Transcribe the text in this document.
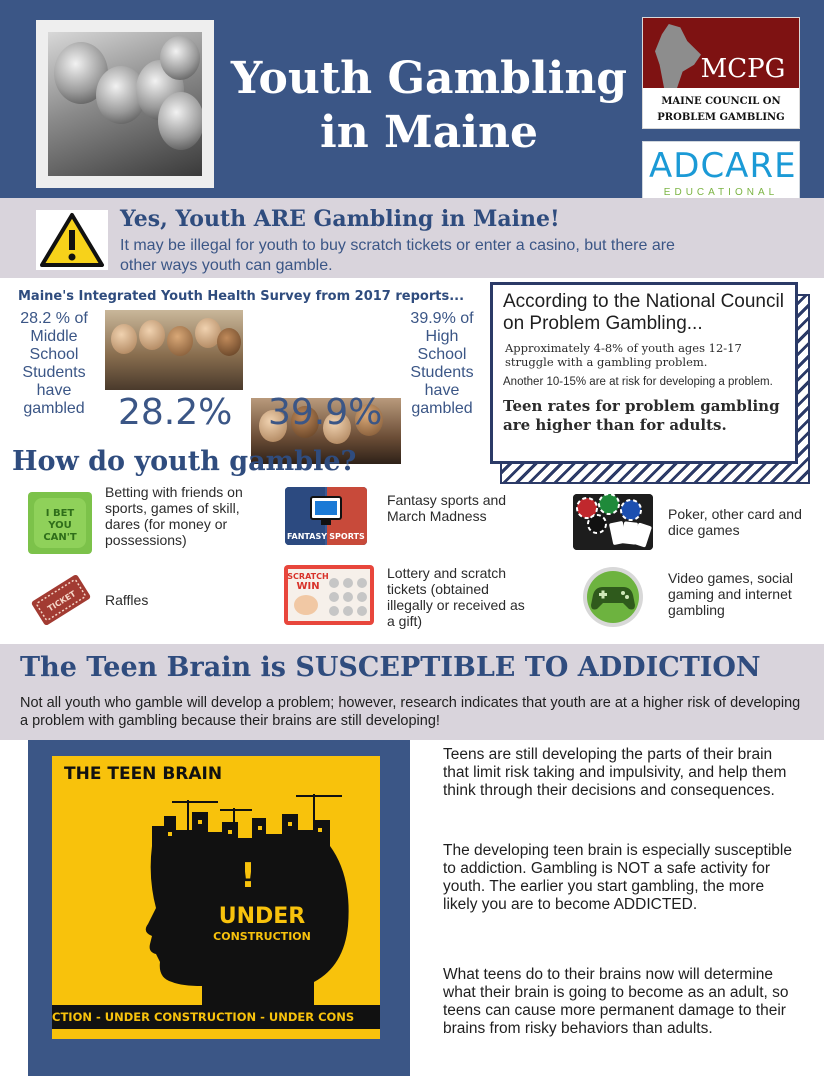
Youth Gambling
in Maine
MCPG
MAINE COUNCIL ON
PROBLEM GAMBLING
ADCARE
EDUCATIONAL
Yes, Youth ARE Gambling in Maine!
It may be illegal for youth to buy scratch tickets or enter a casino, but there are other ways youth can gamble.
Maine's Integrated Youth Health Survey from 2017 reports...
28.2 % of Middle School Students have gambled 28.2% 39.9%
39.9% of High School Students have gambled
According to the National Council on Problem Gambling...
Approximately 4-8% of youth ages 12-17 struggle with a gambling problem.
Another 10-15% are at risk for developing a problem.
Teen rates for problem gambling are higher than for adults.
How do youth gamble?
I BET
YOU
CAN'T
Betting with friends on sports, games of skill, dares (for money or possessions)	FANTASY SPORTS
Fantasy sports and March Madness	Poker, other card and dice games
TICKET Raffles
SCRATCH
WIN
Lottery and scratch tickets (obtained illegally or received as a gift)
Video games, social gaming and internet gambling
The Teen Brain is SUSCEPTIBLE TO ADDICTION
Not all youth who gamble will develop a problem; however, research indicates that youth are at a higher risk of developing a problem with gambling because their brains are still developing!
THE TEEN BRAIN
!
UNDER
CONSTRUCTION
CTION - UNDER CONSTRUCTION - UNDER CONS
Teens are still developing the parts of their brain that limit risk taking and impulsivity, and help them think through their decisions and consequences.
The developing teen brain is especially susceptible to addiction. Gambling is NOT a safe activity for youth. The earlier you start gambling, the more likely you are to become ADDICTED.
What teens do to their brains now will determine what their brain is going to become as an adult, so teens can cause more permanent damage to their brains from risky behaviors than adults.
